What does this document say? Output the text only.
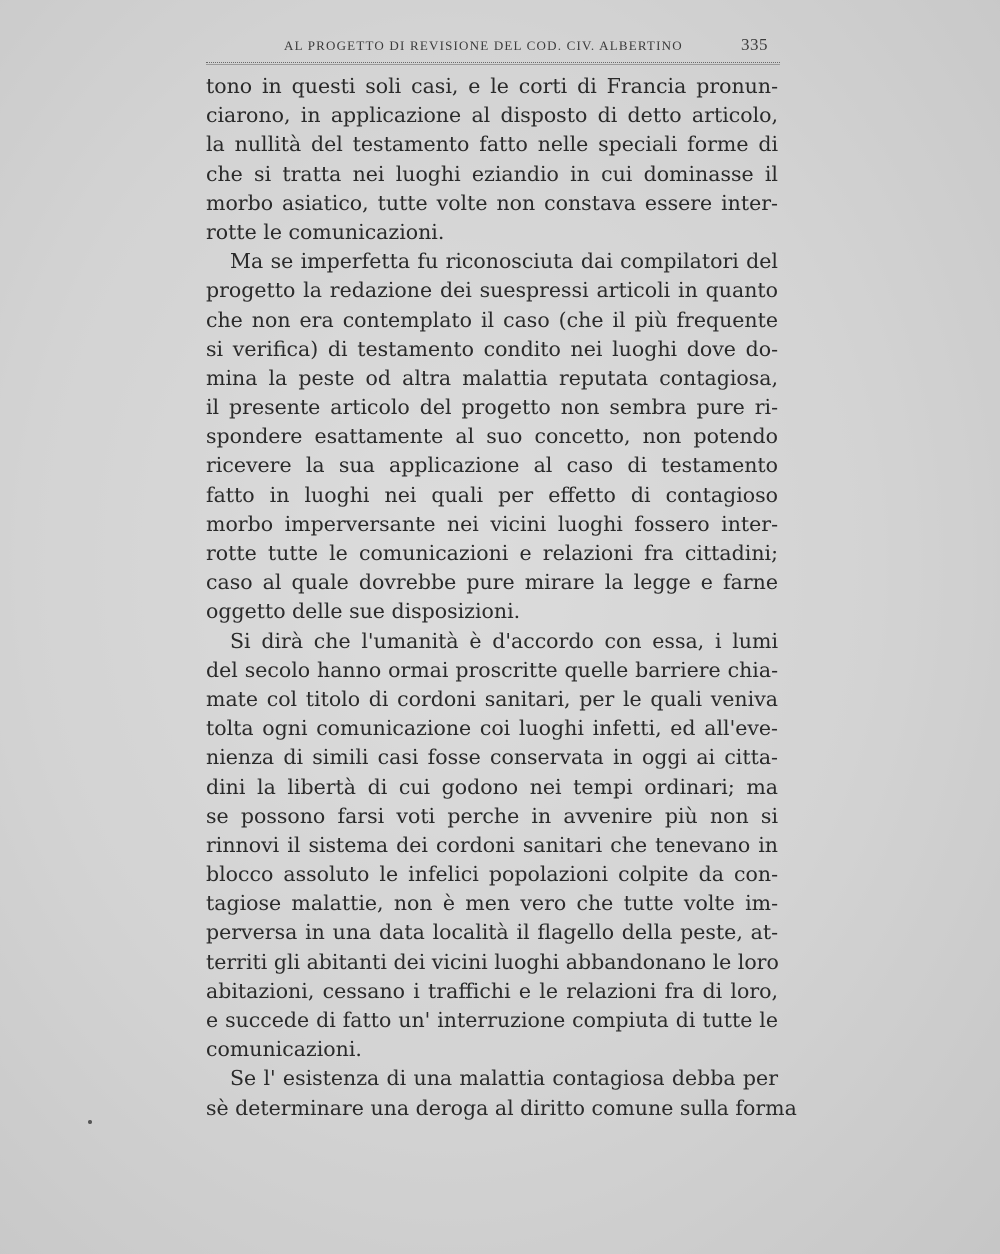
AL PROGETTO DI REVISIONE DEL COD. CIV. ALBERTINO	335
tono in questi soli casi, e le corti di Francia pronun-
ciarono, in applicazione al disposto di detto articolo,
la nullità del testamento fatto nelle speciali forme di
che si tratta nei luoghi eziandio in cui dominasse il
morbo asiatico, tutte volte non constava essere inter-
rotte le comunicazioni.
Ma se imperfetta fu riconosciuta dai compilatori del
progetto la redazione dei suespressi articoli in quanto
che non era contemplato il caso (che il più frequente
si verifica) di testamento condito nei luoghi dove do-
mina la peste od altra malattia reputata contagiosa,
il presente articolo del progetto non sembra pure ri-
spondere esattamente al suo concetto, non potendo
ricevere la sua applicazione al caso di testamento
fatto in luoghi nei quali per effetto di contagioso
morbo imperversante nei vicini luoghi fossero inter-
rotte tutte le comunicazioni e relazioni fra cittadini;
caso al quale dovrebbe pure mirare la legge e farne
oggetto delle sue disposizioni.
Si dirà che l'umanità è d'accordo con essa, i lumi
del secolo hanno ormai proscritte quelle barriere chia-
mate col titolo di cordoni sanitari, per le quali veniva
tolta ogni comunicazione coi luoghi infetti, ed all'eve-
nienza di simili casi fosse conservata in oggi ai citta-
dini la libertà di cui godono nei tempi ordinari; ma
se possono farsi voti perche in avvenire più non si
rinnovi il sistema dei cordoni sanitari che tenevano in
blocco assoluto le infelici popolazioni colpite da con-
tagiose malattie, non è men vero che tutte volte im-
perversa in una data località il flagello della peste, at-
territi gli abitanti dei vicini luoghi abbandonano le loro
abitazioni, cessano i traffichi e le relazioni fra di loro,
e succede di fatto un' interruzione compiuta di tutte le
comunicazioni.
Se l' esistenza di una malattia contagiosa debba per
sè determinare una deroga al diritto comune sulla forma
